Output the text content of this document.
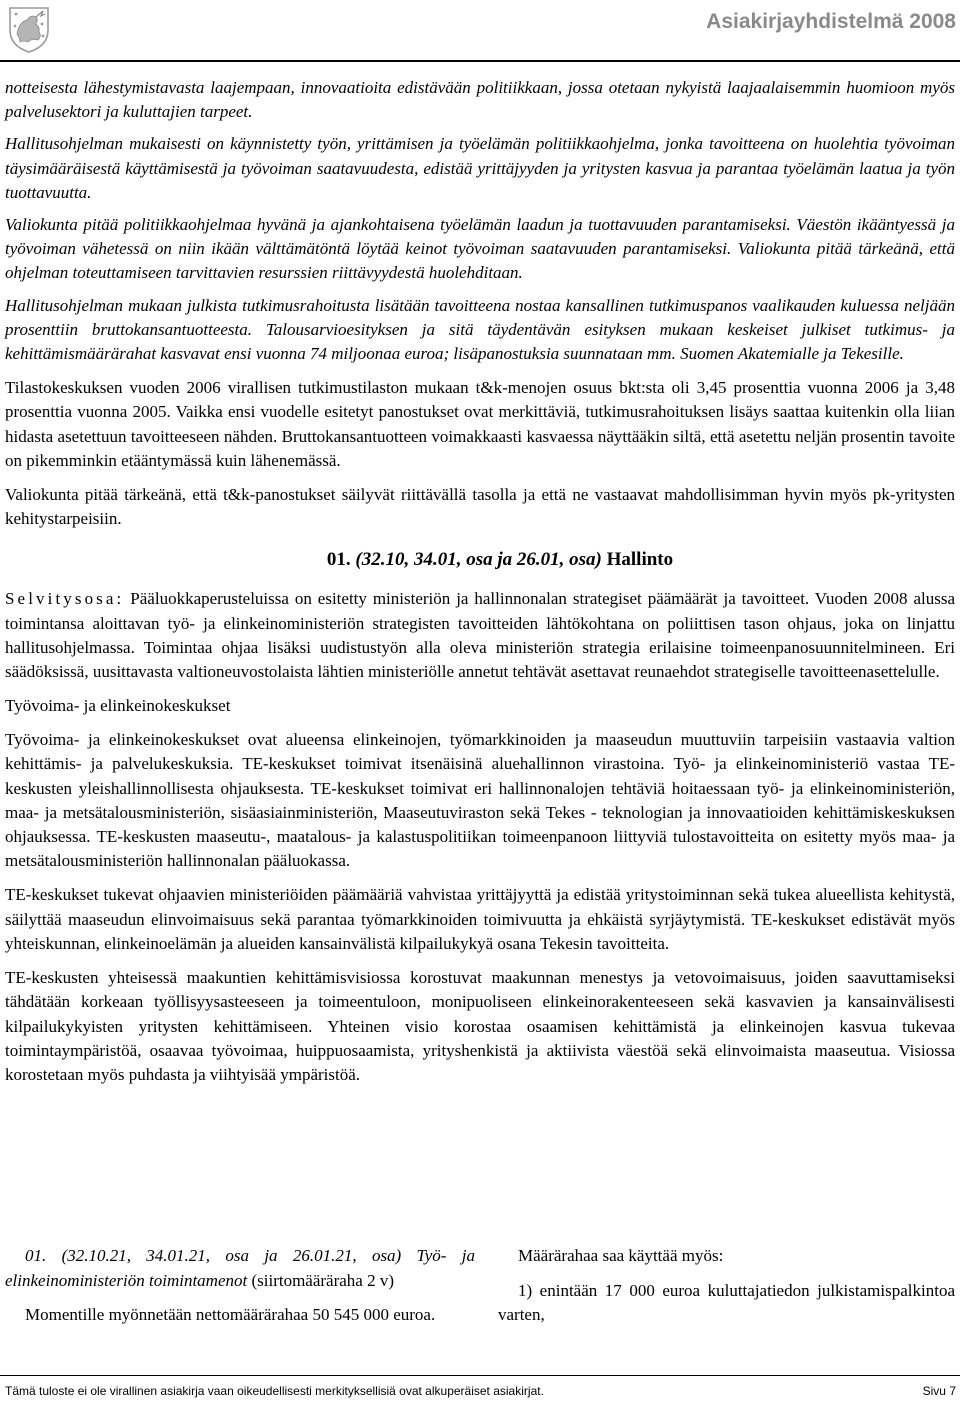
Asiakirjayhdistelmä 2008

notteisesta lähestymistavasta laajempaan, innovaatioita edistävään politiikkaan, jossa otetaan nykyistä laajaalaisemmin huomioon myös palvelusektori ja kuluttajien tarpeet.

Hallitusohjelman mukaisesti on käynnistetty työn, yrittämisen ja työelämän politiikkaohjelma, jonka tavoitteena on huolehtia työvoiman täysimääräisestä käyttämisestä ja työvoiman saatavuudesta, edistää yrittäjyyden ja yritysten kasvua ja parantaa työelämän laatua ja työn tuottavuutta.

Valiokunta pitää politiikkaohjelmaa hyvänä ja ajankohtaisena työelämän laadun ja tuottavuuden parantamiseksi. Väestön ikääntyessä ja työvoiman vähetessä on niin ikään välttämätöntä löytää keinot työvoiman saatavuuden parantamiseksi. Valiokunta pitää tärkeänä, että ohjelman toteuttamiseen tarvittavien resurssien riittävyydestä huolehditaan.

Hallitusohjelman mukaan julkista tutkimusrahoitusta lisätään tavoitteena nostaa kansallinen tutkimuspanos vaalikauden kuluessa neljään prosenttiin bruttokansantuotteesta. Talousarvioesityksen ja sitä täydentävän esityksen mukaan keskeiset julkiset tutkimus- ja kehittämismäärärahat kasvavat ensi vuonna 74 miljoonaa euroa; lisäpanostuksia suunnataan mm. Suomen Akatemialle ja Tekesille.

Tilastokeskuksen vuoden 2006 virallisen tutkimustilaston mukaan t&k-menojen osuus bkt:sta oli 3,45 prosenttia vuonna 2006 ja 3,48 prosenttia vuonna 2005. Vaikka ensi vuodelle esitetyt panostukset ovat merkittäviä, tutkimusrahoituksen lisäys saattaa kuitenkin olla liian hidasta asetettuun tavoitteeseen nähden. Bruttokansantuotteen voimakkaasti kasvaessa näyttääkin siltä, että asetettu neljän prosentin tavoite on pikemminkin etääntymässä kuin lähenemässä.

Valiokunta pitää tärkeänä, että t&k-panostukset säilyvät riittävällä tasolla ja että ne vastaavat mahdollisimman hyvin myös pk-yritysten kehitystarpeisiin.

01. (32.10, 34.01, osa ja 26.01, osa) Hallinto

Selvitysosa: Pääluokkaperusteluissa on esitetty ministeriön ja hallinnonalan strategiset päämäärät ja tavoitteet. Vuoden 2008 alussa toimintansa aloittavan työ- ja elinkeinoministeriön strategisten tavoitteiden lähtökohtana on poliittisen tason ohjaus, joka on linjattu hallitusohjelmassa. Toimintaa ohjaa lisäksi uudistustyön alla oleva ministeriön strategia erilaisine toimeenpanosuunnitelmineen. Eri säädöksissä, uusittavasta valtioneuvostolaista lähtien ministeriölle annetut tehtävät asettavat reunaehdot strategiselle tavoitteenasettelulle.

Työvoima- ja elinkeinokeskukset

Työvoima- ja elinkeinokeskukset ovat alueensa elinkeinojen, työmarkkinoiden ja maaseudun muuttuviin tarpeisiin vastaavia valtion kehittämis- ja palvelukeskuksia. TE-keskukset toimivat itsenäisinä aluehallinnon virastoina. Työ- ja elinkeinoministeriö vastaa TE-keskusten yleishallinnollisesta ohjauksesta. TE-keskukset toimivat eri hallinnonalojen tehtäviä hoitaessaan työ- ja elinkeinoministeriön, maa- ja metsätalousministeriön, sisäasiainministeriön, Maaseutuviraston sekä Tekes - teknologian ja innovaatioiden kehittämiskeskuksen ohjauksessa. TE-keskusten maaseutu-, maatalous- ja kalastuspolitiikan toimeenpanoon liittyviä tulostavoitteita on esitetty myös maa- ja metsätalousministeriön hallinnonalan pääluokassa.

TE-keskukset tukevat ohjaavien ministeriöiden päämääriä vahvistaa yrittäjyyttä ja edistää yritystoiminnan sekä tukea alueellista kehitystä, säilyttää maaseudun elinvoimaisuus sekä parantaa työmarkkinoiden toimivuutta ja ehkäistä syrjäytymistä. TE-keskukset edistävät myös yhteiskunnan, elinkeinoelämän ja alueiden kansainvälistä kilpailukykyä osana Tekesin tavoitteita.

TE-keskusten yhteisessä maakuntien kehittämisvisiossa korostuvat maakunnan menestys ja vetovoimaisuus, joiden saavuttamiseksi tähdätään korkeaan työllisyysasteeseen ja toimeentuloon, monipuoliseen elinkeinorakenteeseen sekä kasvavien ja kansainvälisesti kilpailukykyisten yritysten kehittämiseen. Yhteinen visio korostaa osaamisen kehittämistä ja elinkeinojen kasvua tukevaa toimintaympäristöä, osaavaa työvoimaa, huippuosaamista, yrityshenkistä ja aktiivista väestöä sekä elinvoimaista maaseutua. Visiossa korostetaan myös puhdasta ja viihtyisää ympäristöä.

01. (32.10.21, 34.01.21, osa ja 26.01.21, osa) Työ- ja elinkeinoministeriön toimintamenot (siirtomääräraha 2 v)

Momentille myönnetään nettomäärärahaa 50 545 000 euroa.

Määrärahaa saa käyttää myös:

1) enintään 17 000 euroa kuluttajatiedon julkistamispalkintoa varten,

Tämä tuloste ei ole virallinen asiakirja vaan oikeudellisesti merkityksellisiä ovat alkuperäiset asiakirjat.	Sivu 7
